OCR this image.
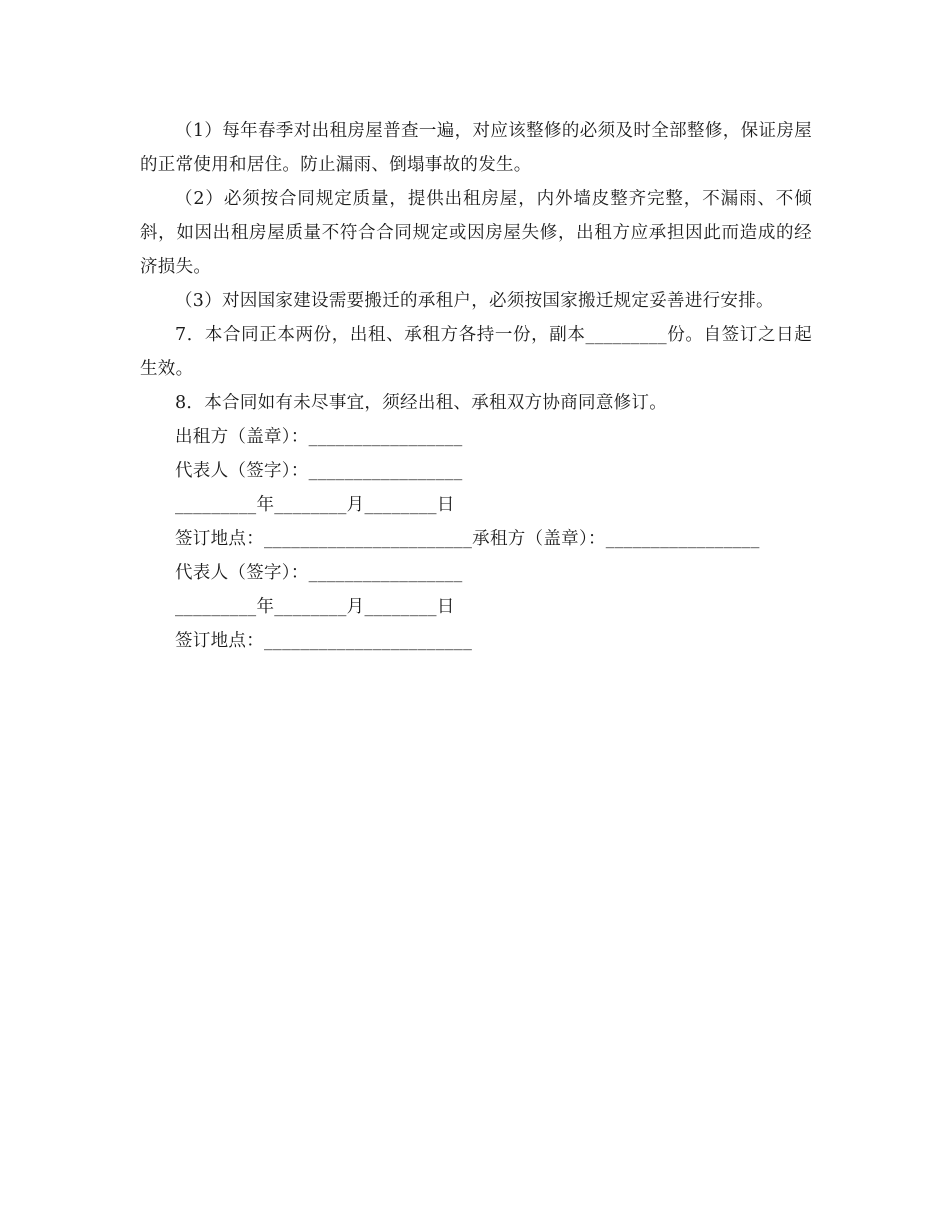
（1）每年春季对出租房屋普查一遍，对应该整修的必须及时全部整修，保证房屋的正常使用和居住。防止漏雨、倒塌事故的发生。

（2）必须按合同规定质量，提供出租房屋，内外墙皮整齐完整，不漏雨、不倾斜，如因出租房屋质量不符合合同规定或因房屋失修，出租方应承担因此而造成的经济损失。

（3）对因国家建设需要搬迁的承租户，必须按国家搬迁规定妥善进行安排。

7．本合同正本两份，出租、承租方各持一份，副本_________份。自签订之日起生效。

8．本合同如有未尽事宜，须经出租、承租双方协商同意修订。

出租方（盖章）：_________________

代表人（签字）：_________________

_________年________月________日

签订地点：_______________________承租方（盖章）：_________________

代表人（签字）：_________________

_________年________月________日

签订地点：_______________________
